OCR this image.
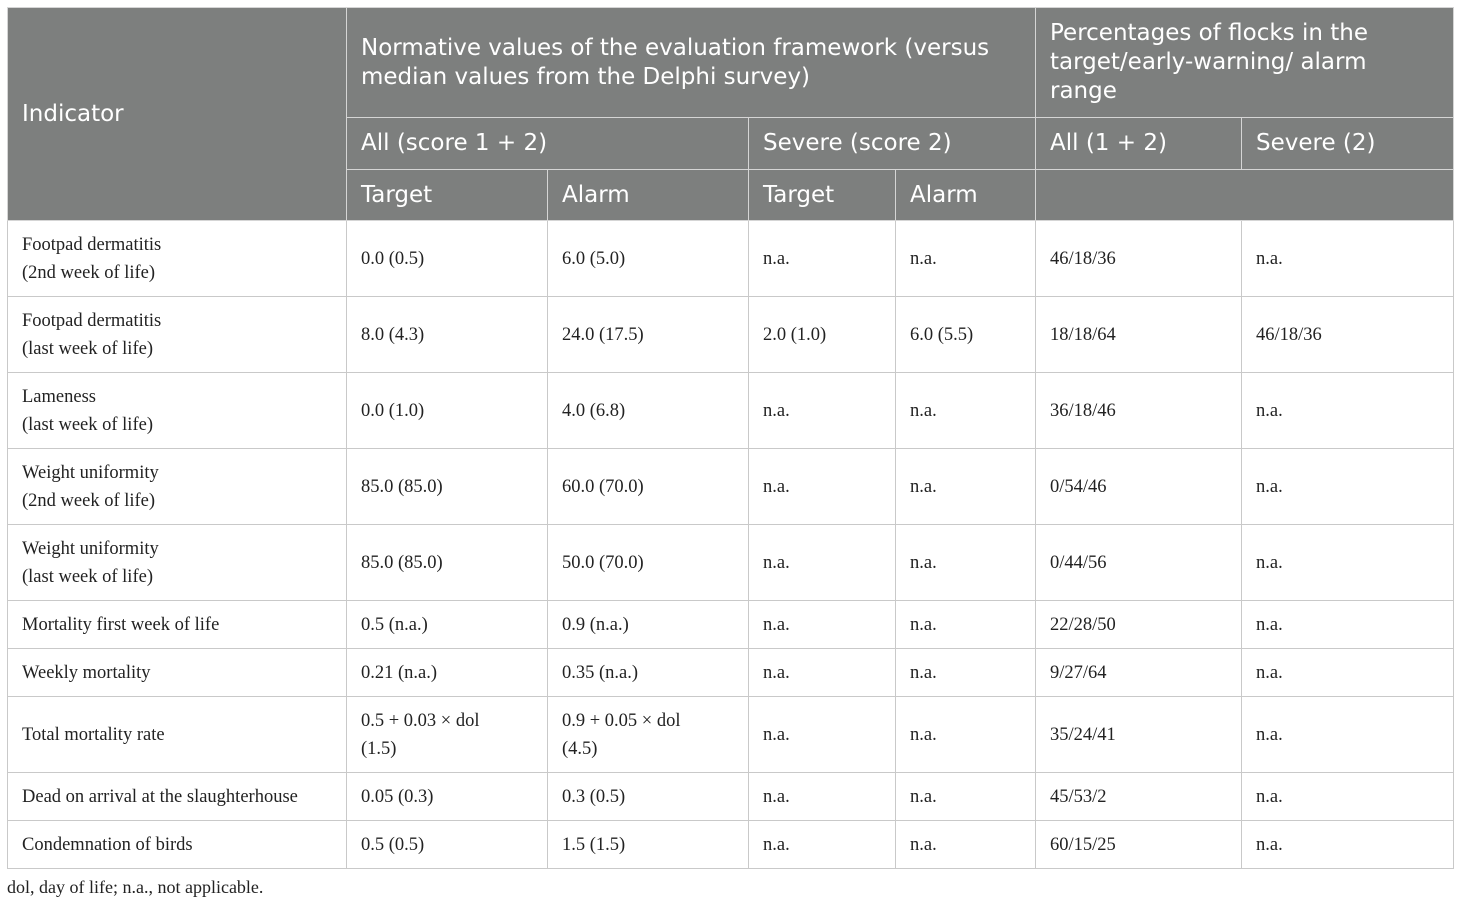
Indicator	Normative values of the evaluation framework (versus median values from the Delphi survey)				Percentages of flocks in the target/early-warning/ alarm range	
	All (score 1 + 2)		Severe (score 2)		All (1 + 2)	Severe (2)
	Target	Alarm	Target	Alarm		
Footpad dermatitis
(2nd week of life)	0.0 (0.5)	6.0 (5.0)	n.a.	n.a.	46/18/36	n.a.
Footpad dermatitis
(last week of life)	8.0 (4.3)	24.0 (17.5)	2.0 (1.0)	6.0 (5.5)	18/18/64	46/18/36
Lameness
(last week of life)	0.0 (1.0)	4.0 (6.8)	n.a.	n.a.	36/18/46	n.a.
Weight uniformity
(2nd week of life)	85.0 (85.0)	60.0 (70.0)	n.a.	n.a.	0/54/46	n.a.
Weight uniformity
(last week of life)	85.0 (85.0)	50.0 (70.0)	n.a.	n.a.	0/44/56	n.a.
Mortality first week of life	0.5 (n.a.)	0.9 (n.a.)	n.a.	n.a.	22/28/50	n.a.
Weekly mortality	0.21 (n.a.)	0.35 (n.a.)	n.a.	n.a.	9/27/64	n.a.
Total mortality rate	0.5 + 0.03 × dol
(1.5)	0.9 + 0.05 × dol
(4.5)	n.a.	n.a.	35/24/41	n.a.
Dead on arrival at the slaughterhouse	0.05 (0.3)	0.3 (0.5)	n.a.	n.a.	45/53/2	n.a.
Condemnation of birds	0.5 (0.5)	1.5 (1.5)	n.a.	n.a.	60/15/25	n.a.
dol, day of life; n.a., not applicable.
